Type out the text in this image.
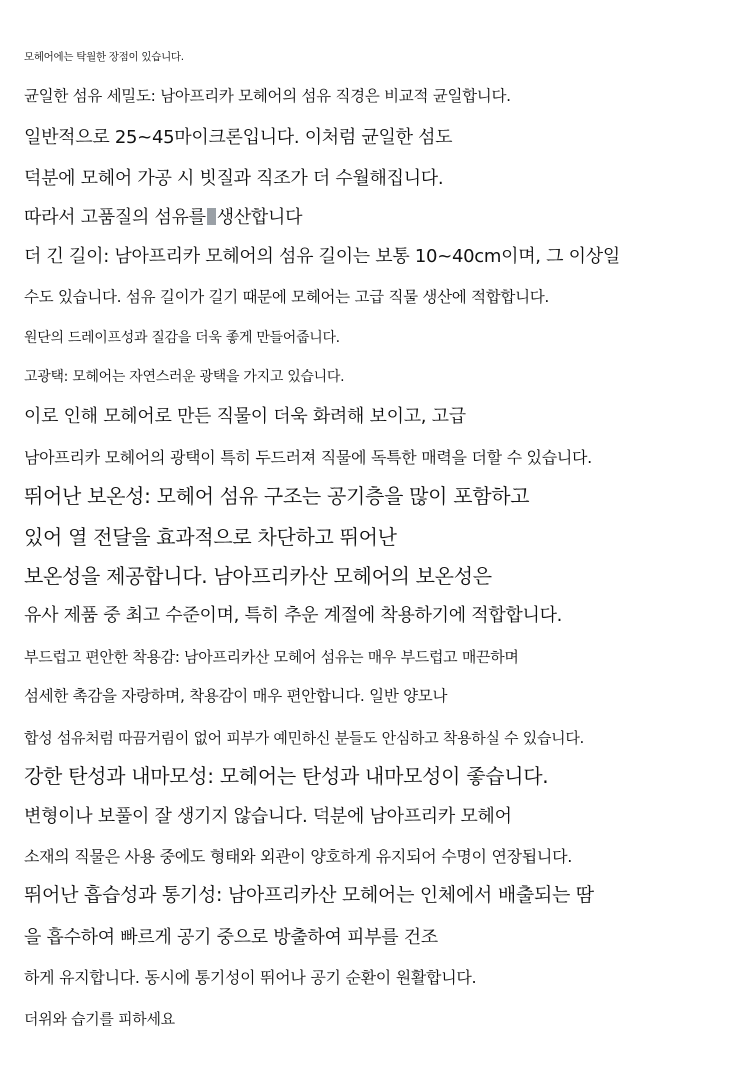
모헤어에는 탁월한 장점이 있습니다.
균일한 섬유 세밀도: 남아프리카 모헤어의 섬유 직경은 비교적 균일합니다.
일반적으로 25~45마이크론입니다. 이처럼 균일한 섬도
덕분에 모헤어 가공 시 빗질과 직조가 더 수월해집니다.
따라서 고품질의 섬유를 생산합니다
더 긴 길이: 남아프리카 모헤어의 섬유 길이는 보통 10~40cm이며, 그 이상일
수도 있습니다. 섬유 길이가 길기 때문에 모헤어는 고급 직물 생산에 적합합니다.
원단의 드레이프성과 질감을 더욱 좋게 만들어줍니다.
고광택: 모헤어는 자연스러운 광택을 가지고 있습니다.
이로 인해 모헤어로 만든 직물이 더욱 화려해 보이고, 고급
남아프리카 모헤어의 광택이 특히 두드러져 직물에 독특한 매력을 더할 수 있습니다.
뛰어난 보온성: 모헤어 섬유 구조는 공기층을 많이 포함하고
있어 열 전달을 효과적으로 차단하고 뛰어난
보온성을 제공합니다. 남아프리카산 모헤어의 보온성은
유사 제품 중 최고 수준이며, 특히 추운 계절에 착용하기에 적합합니다.
부드럽고 편안한 착용감: 남아프리카산 모헤어 섬유는 매우 부드럽고 매끈하며
섬세한 촉감을 자랑하며, 착용감이 매우 편안합니다. 일반 양모나
합성 섬유처럼 따끔거림이 없어 피부가 예민하신 분들도 안심하고 착용하실 수 있습니다.
강한 탄성과 내마모성: 모헤어는 탄성과 내마모성이 좋습니다.
변형이나 보풀이 잘 생기지 않습니다. 덕분에 남아프리카 모헤어
소재의 직물은 사용 중에도 형태와 외관이 양호하게 유지되어 수명이 연장됩니다.
뛰어난 흡습성과 통기성: 남아프리카산 모헤어는 인체에서 배출되는 땀
을 흡수하여 빠르게 공기 중으로 방출하여 피부를 건조
하게 유지합니다. 동시에 통기성이 뛰어나 공기 순환이 원활합니다.
더위와 습기를 피하세요
